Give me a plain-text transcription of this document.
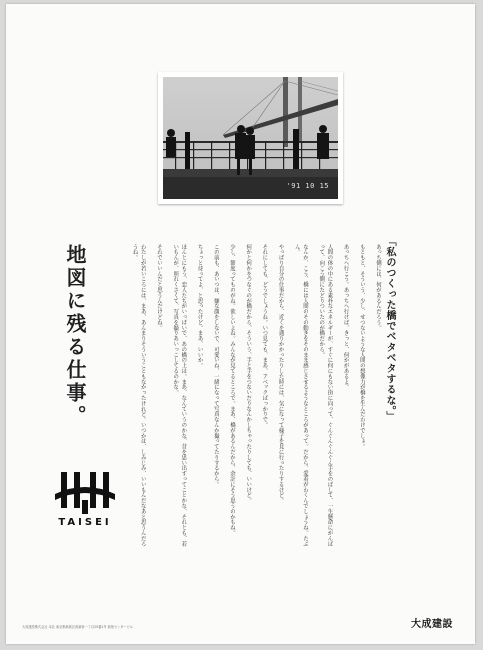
'91 10 15
「私のつくった橋でベタベタするな。」

あっち側には、何があるんだろう。

もともと、そういう、少し、せつないような人間の想像力が橋を生んだわけでしょ。

あっちへ行こう。あっちへ行けば、きっと、何かがあるよ。

人間の体の中にある素朴なエネルギーが、すぐに何にもない街に向って、ぐんぐんぐんぐん手をのばして、一生懸命にがんばって、向こう側にたどりついたのが橋だから。

なんか、こう、橋には人間のその動きをそのまま感じさせるようなところがあって。だから、愛着がわくんでしょうね。たぶん。

やっぱり自分の仕事だから、近くを通りかかったりした時には、気になって様子を見に行ったりするけど。

それにしても、どうでしょうね。いつ見ても、まあ、アベックばっかりで。

何かと何かをつなぐのが橋だから、そういう、手と手をつないだりなんかしちゃったりしても、いいけど。

少し、節度ってものがね。欲しいよね。みんなが見てるところで。まあ、橋があるんだから、余計にそう思うのかもね。

この前も、あいつは、嫌な顔をしないで、可愛いね、一緒になって写真なんか撮ってたりするから。

ちょっと待ってよ、と思ったけど。まあ、いいか。

ほんとにもう、恋人たちがいっぱいで、あの橋の上は。まあ、なんていうのかな、昔を思い出すってことかな、それとも、若いもんが、照れくさくて、写真を撮りあいっこしてるのかな。

それでいいんだと思うんだけどね。

わたしが若いころには、まあ、あんまりそういうこともなかったけれど。いつかは、しみじみ、いいもんだなあと思うんだろうね。

地図に残る仕事。
TAISEI
大成建設
大成建設株式会社 本社 東京都新宿区西新宿一丁目25番1号 新宿センタービル
